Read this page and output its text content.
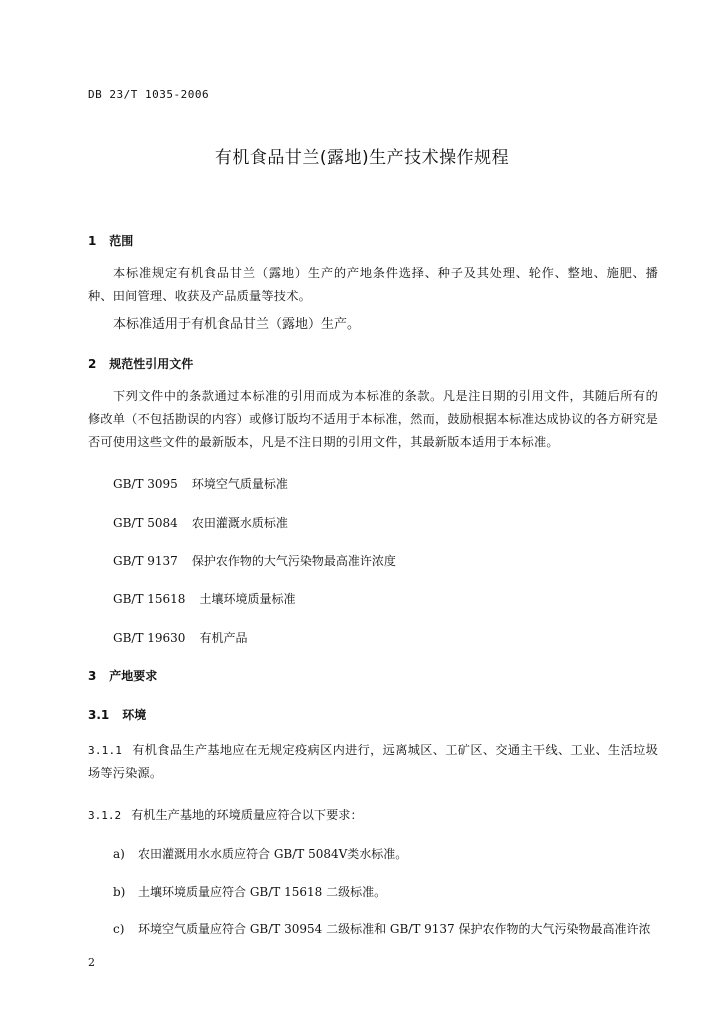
DB 23/T 1035-2006
有机食品甘兰(露地)生产技术操作规程
1 范围
本标准规定有机食品甘兰（露地）生产的产地条件选择、种子及其处理、轮作、整地、施肥、播种、田间管理、收获及产品质量等技术。
本标准适用于有机食品甘兰（露地）生产。
2 规范性引用文件
下列文件中的条款通过本标准的引用而成为本标准的条款。凡是注日期的引用文件，其随后所有的修改单（不包括勘误的内容）或修订版均不适用于本标准，然而，鼓励根据本标准达成协议的各方研究是否可使用这些文件的最新版本，凡是不注日期的引用文件，其最新版本适用于本标准。
GB/T 3095 环境空气质量标准
GB/T 5084 农田灌溉水质标准
GB/T 9137 保护农作物的大气污染物最高准许浓度
GB/T 15618 土壤环境质量标准
GB/T 19630 有机产品
3 产地要求
3.1 环境
3.1.1 有机食品生产基地应在无规定疫病区内进行，远离城区、工矿区、交通主干线、工业、生活垃圾场等污染源。
3.1.2 有机生产基地的环境质量应符合以下要求：
a) 农田灌溉用水水质应符合 GB/T 5084Ⅴ类水标准。
b) 土壤环境质量应符合 GB/T 15618 二级标准。
c) 环境空气质量应符合 GB/T 30954 二级标准和 GB/T 9137 保护农作物的大气污染物最高准许浓
2
